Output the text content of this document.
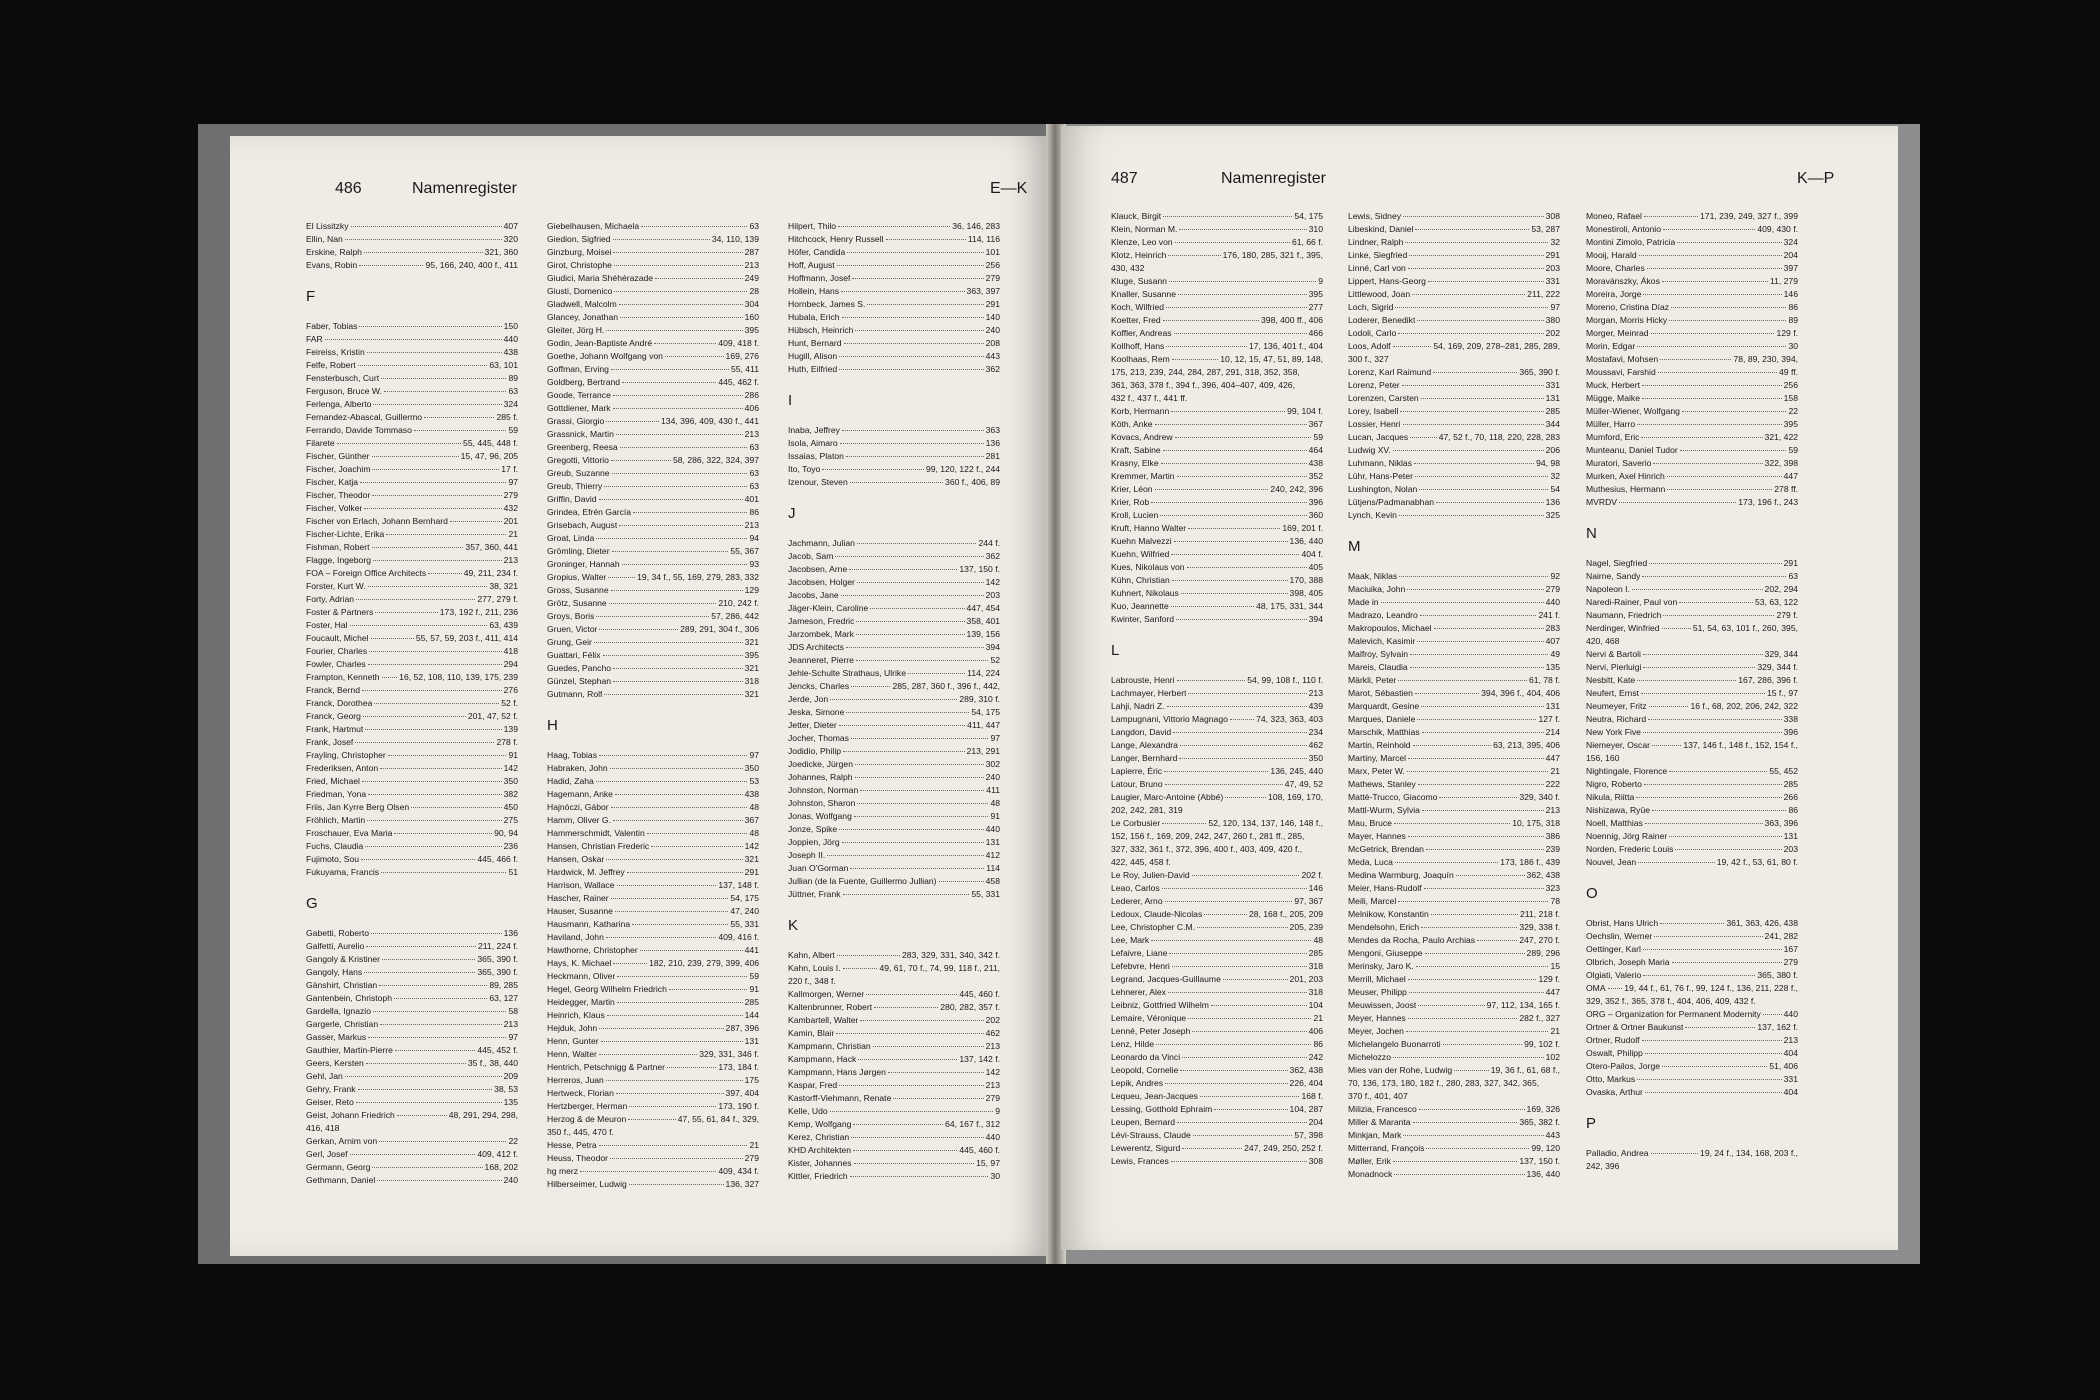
486	Namenregister	E—K
El Lissitzky	407
Ellin, Nan	320
Erskine, Ralph	321, 360
Evans, Robin	95, 166, 240, 400 f., 411
F
Faber, Tobias	150
FAR	440
Feireiss, Kristin	438
Felfe, Robert	63, 101
Fensterbusch, Curt	89
Ferguson, Bruce W.	63
Ferlenga, Alberto	324
Fernandez-Abascal, Guillermo	285 f.
Ferrando, Davide Tommaso	59
Filarete	55, 445, 448 f.
Fischer, Günther	15, 47, 96, 205
Fischer, Joachim	17 f.
Fischer, Katja	97
Fischer, Theodor	279
Fischer, Volker	432
Fischer von Erlach, Johann Bernhard	201
Fischer-Lichte, Erika	21
Fishman, Robert	357, 360, 441
Flagge, Ingeborg	213
FOA – Foreign Office Architects	49, 211, 234 f.
Forster, Kurt W.	38, 321
Forty, Adrian	277, 279 f.
Foster & Partners	173, 192 f., 211, 236
Foster, Hal	63, 439
Foucault, Michel	55, 57, 59, 203 f., 411, 414
Fourier, Charles	418
Fowler, Charles	294
Frampton, Kenneth 16, 52, 108, 110, 139, 175, 239
Franck, Bernd	276
Franck, Dorothea	52 f.
Franck, Georg	201, 47, 52 f.
Frank, Hartmut	139
Frank, Josef	278 f.
Frayling, Christopher	91
Frederiksen, Anton	142
Fried, Michael	350
Friedman, Yona	382
Friis, Jan Kyrre Berg Olsen	450
Fröhlich, Martin	275
Froschauer, Eva Maria	90, 94
Fuchs, Claudia	236
Fujimoto, Sou	445, 466 f.
Fukuyama, Francis	51
G
Gabetti, Roberto	136
Galfetti, Aurelio	211, 224 f.
Gangoly & Kristiner	365, 390 f.
Gangoly, Hans	365, 390 f.
Gänshirt, Christian	89, 285
Gantenbein, Christoph	63, 127
Gardella, Ignazio	58
Gargerle, Christian	213
Gasser, Markus	97
Gauthier, Martin-Pierre	445, 452 f.
Geers, Kersten	35 f., 38, 440
Gehl, Jan	209
Gehry, Frank	38, 53
Geiser, Reto	135
Geist, Johann Friedrich	48, 291, 294, 298,
416, 418
Gerkan, Arnim von	22
Gerl, Josef	409, 412 f.
Germann, Georg	168, 202
Gethmann, Daniel	240
Giebelhausen, Michaela	63
Giedion, Sigfried	34, 110, 139
Ginzburg, Moisei	287
Girot, Christophe	213
Giudici, Maria Shéhérazade	249
Giusti, Domenico	28
Gladwell, Malcolm	304
Glancey, Jonathan	160
Gleiter, Jörg H.	395
Godin, Jean-Baptiste André	409, 418 f.
Goethe, Johann Wolfgang von	169, 276
Goffman, Erving	55, 411
Goldberg, Bertrand	445, 462 f.
Goode, Terrance	286
Gottdiener, Mark	406
Grassi, Giorgio	134, 396, 409, 430 f., 441
Grassnick, Martin	213
Greenberg, Reesa	63
Gregotti, Vittorio	58, 286, 322, 324, 397
Greub, Suzanne	63
Greub, Thierry	63
Griffin, David	401
Grindea, Efrén García	86
Grisebach, August	213
Groat, Linda	94
Grömling, Dieter	55, 367
Groninger, Hannah	93
Gropius, Walter	19, 34 f., 55, 169, 279, 283, 332
Gross, Susanne	129
Grötz, Susanne	210, 242 f.
Groys, Boris	57, 286, 442
Gruen, Victor	289, 291, 304 f., 306
Grung, Geir	321
Guattari, Félix	395
Guedes, Pancho	321
Günzel, Stephan	318
Gutmann, Rolf	321
H
Haag, Tobias	97
Habraken, John	350
Hadid, Zaha	53
Hagemann, Anke	438
Hajnóczi, Gábor	48
Hamm, Oliver G.	367
Hammerschmidt, Valentin	48
Hansen, Christian Frederic	142
Hansen, Oskar	321
Hardwick, M. Jeffrey	291
Harrison, Wallace	137, 148 f.
Hascher, Rainer	54, 175
Hauser, Susanne	47, 240
Hausmann, Katharina	55, 331
Haviland, John	409, 416 f.
Hawthorne, Christopher	441
Hays, K. Michael	182, 210, 239, 279, 399, 406
Heckmann, Oliver	59
Hegel, Georg Wilhelm Friedrich	91
Heidegger, Martin	285
Heinrich, Klaus	144
Hejduk, John	287, 396
Henn, Gunter	131
Henn, Walter	329, 331, 346 f.
Hentrich, Petschnigg & Partner	173, 184 f.
Herreros, Juan	175
Hertweck, Florian	397, 404
Hertzberger, Herman	173, 190 f.
Herzog & de Meuron	47, 55, 61, 84 f., 329,
350 f., 445, 470 f.
Hesse, Petra	21
Heuss, Theodor	279
hg merz	409, 434 f.
Hilberseimer, Ludwig	136, 327
Hilpert, Thilo	36, 146, 283
Hitchcock, Henry Russell	114, 116
Höfer, Candida	101
Hoff, August	256
Hoffmann, Josef	279
Hollein, Hans	363, 397
Hornbeck, James S.	291
Hubala, Erich	140
Hübsch, Heinrich	240
Hunt, Bernard	208
Hugill, Alison	443
Huth, Eilfried	362
I
Inaba, Jeffrey	363
Isola, Aimaro	136
Issaias, Platon	281
Ito, Toyo	99, 120, 122 f., 244
Izenour, Steven	360 f., 406, 89
J
Jachmann, Julian	244 f.
Jacob, Sam	362
Jacobsen, Arne	137, 150 f.
Jacobsen, Holger	142
Jacobs, Jane	203
Jäger-Klein, Caroline	447, 454
Jameson, Fredric	358, 401
Jarzombek, Mark	139, 156
JDS Architects	394
Jeanneret, Pierre	52
Jehle-Schulte Strathaus, Ulrike	114, 224
Jencks, Charles	285, 287, 360 f., 396 f., 442,
Jerde, Jon	289, 310 f.
Jeska, Simone	54, 175
Jetter, Dieter	411, 447
Jocher, Thomas	97
Jodidio, Philip	213, 291
Joedicke, Jürgen	302
Johannes, Ralph	240
Johnston, Norman	411
Johnston, Sharon	48
Jonas, Wolfgang	91
Jonze, Spike	440
Joppien, Jörg	131
Joseph II.	412
Juan O'Gorman	114
Jullian (de la Fuente, Guillermo Jullian)	458
Jüttner, Frank	55, 331
K
Kahn, Albert	283, 329, 331, 340, 342 f.
Kahn, Louis I.	49, 61, 70 f., 74, 99, 118 f., 211,
220 f., 348 f.
Kallmorgen, Werner	445, 460 f.
Kaltenbrunner, Robert	280, 282, 357 f.
Kambartell, Walter	202
Kamin, Blair	462
Kampmann, Christian	213
Kampmann, Hack	137, 142 f.
Kampmann, Hans Jørgen	142
Kaspar, Fred	213
Kastorff-Viehmann, Renate	279
Kelle, Udo	9
Kemp, Wolfgang	64, 167 f., 312
Kerez, Christian	440
KHD Architekten	445, 460 f.
Kister, Johannes	15, 97
Kittler, Friedrich	30
487	Namenregister	K—P
Klauck, Birgit	54, 175
Klein, Norman M.	310
Klenze, Leo von	61, 66 f.
Klotz, Heinrich	176, 180, 285, 321 f., 395,
430, 432
Kluge, Susann	9
Knaller, Susanne	395
Koch, Wilfried	277
Koetter, Fred	398, 400 ff., 406
Koffler, Andreas	466
Kollhoff, Hans	17, 136, 401 f., 404
Koolhaas, Rem	10, 12, 15, 47, 51, 89, 148,
175, 213, 239, 244, 284, 287, 291, 318, 352, 358,
361, 363, 378 f., 394 f., 396, 404–407, 409, 426,
432 f., 437 f., 441 ff.
Korb, Hermann	99, 104 f.
Köth, Anke	367
Kovacs, Andrew	59
Kraft, Sabine	464
Krasny, Elke	438
Kremmer, Martin	352
Krier, Léon	240, 242, 396
Krier, Rob	396
Kroll, Lucien	360
Kruft, Hanno Walter	169, 201 f.
Kuehn Malvezzi	136, 440
Kuehn, Wilfried	404 f.
Kues, Nikolaus von	405
Kühn, Christian	170, 388
Kuhnert, Nikolaus	398, 405
Kuo, Jeannette	48, 175, 331, 344
Kwinter, Sanford	394
L
Labrouste, Henri	54, 99, 108 f., 110 f.
Lachmayer, Herbert	213
Lahji, Nadri Z.	439
Lampugnani, Vittorio Magnago	74, 323, 363, 403
Langdon, David	234
Lange, Alexandra	462
Langer, Bernhard	350
Lapierre, Éric	136, 245, 440
Latour, Bruno	47, 49, 52
Laugier, Marc-Antoine (Abbé)	108, 169, 170,
202, 242, 281, 319
Le Corbusier	52, 120, 134, 137, 146, 148 f.,
152, 156 f., 169, 209, 242, 247, 260 f., 281 ff., 285,
327, 332, 361 f., 372, 396, 400 f., 403, 409, 420 f.,
422, 445, 458 f.
Le Roy, Julien-David	202 f.
Leao, Carlos	146
Lederer, Arno	97, 367
Ledoux, Claude-Nicolas	28, 168 f., 205, 209
Lee, Christopher C.M.	205, 239
Lee, Mark	48
Lefaivre, Liane	285
Lefebvre, Henri	318
Legrand, Jacques-Guillaume	201, 203
Lehnerer, Alex	318
Leibniz, Gottfried Wilhelm	104
Lemaire, Véronique	21
Lenné, Peter Joseph	406
Lenz, Hilde	86
Leonardo da Vinci	242
Leopold, Cornelie	362, 438
Lepik, Andres	226, 404
Lequeu, Jean-Jacques	168 f.
Lessing, Gotthold Ephraim	104, 287
Leupen, Bernard	204
Lévi-Strauss, Claude	57, 398
Lewerentz, Sigurd	247, 249, 250, 252 f.
Lewis, Frances	308
Lewis, Sidney	308
Libeskind, Daniel	53, 287
Lindner, Ralph	32
Linke, Siegfried	291
Linné, Carl von	203
Lippert, Hans-Georg	331
Littlewood, Joan	211, 222
Loch, Sigrid	97
Loderer, Benedikt	380
Lodoli, Carlo	202
Loos, Adolf	54, 169, 209, 278–281, 285, 289,
300 f., 327
Lorenz, Karl Raimund	365, 390 f.
Lorenz, Peter	331
Lorenzen, Carsten	131
Lorey, Isabell	285
Lossier, Henri	344
Lucan, Jacques	47, 52 f., 70, 118, 220, 228, 283
Ludwig XV.	206
Luhmann, Niklas	94, 98
Lühr, Hans-Peter	32
Lushington, Nolan	54
Lütjens/Padmanabhan	136
Lynch, Kevin	325
M
Maak, Niklas	92
Maciuika, John	279
Made in	440
Madrazo, Leandro	241 f.
Makropoulos, Michael	283
Malevich, Kasimir	407
Malfroy, Sylvain	49
Mareis, Claudia	135
Märkli, Peter	61, 78 f.
Marot, Sébastien	394, 396 f., 404, 406
Marquardt, Gesine	131
Marques, Daniele	127 f.
Marschik, Matthias	214
Martin, Reinhold	63, 213, 395, 406
Martiny, Marcel	447
Marx, Peter W.	21
Mathews, Stanley	222
Mattè-Trucco, Giacomo	329, 340 f.
Mattl-Wurm, Sylvia	213
Mau, Bruce	10, 175, 318
Mayer, Hannes	386
McGetrick, Brendan	239
Meda, Luca	173, 186 f., 439
Medina Warmburg, Joaquín	362, 438
Meier, Hans-Rudolf	323
Meili, Marcel	78
Melnikow, Konstantin	211, 218 f.
Mendelsohn, Erich	329, 338 f.
Mendes da Rocha, Paulo Archias	247, 270 f.
Mengoni, Giuseppe	289, 296
Merinsky, Jaro K.	15
Merrill, Michael	129 f.
Meuser, Philipp	447
Meuwissen, Joost	97, 112, 134, 165 f.
Meyer, Hannes	282 f., 327
Meyer, Jochen	21
Michelangelo Buonarroti	99, 102 f.
Michelozzo	102
Mies van der Rohe, Ludwig	19, 36 f., 61, 68 f.,
70, 136, 173, 180, 182 f., 280, 283, 327, 342, 365,
370 f., 401, 407
Milizia, Francesco	169, 326
Miller & Maranta	365, 382 f.
Minkjan, Mark	443
Mitterrand, François	99, 120
Møller, Erik	137, 150 f.
Monadnock	136, 440
Moneo, Rafael	171, 239, 249, 327 f., 399
Monestiroli, Antonio	409, 430 f.
Montini Zimolo, Patricia	324
Mooij, Harald	204
Moore, Charles	397
Moravánszky, Ákos	11, 279
Moreira, Jorge	146
Moreno, Cristina Díaz	86
Morgan, Morris Hicky	89
Morger, Meinrad	129 f.
Morin, Edgar	30
Mostafavi, Mohsen	78, 89, 230, 394,
Moussavi, Farshid	49 ff.
Muck, Herbert	256
Mügge, Maike	158
Müller-Wiener, Wolfgang	22
Müller, Harro	395
Mumford, Eric	321, 422
Munteanu, Daniel Tudor	59
Muratori, Saverio	322, 398
Murken, Axel Hinrich	447
Muthesius, Hermann	278 ff.
MVRDV	173, 196 f., 243
N
Nagel, Siegfried	291
Nairne, Sandy	63
Napoleon I.	202, 294
Naredi-Rainer, Paul von	53, 63, 122
Naumann, Friedrich	279 f.
Nerdinger, Winfried	51, 54, 63, 101 f., 260, 395,
420, 468
Nervi & Bartoli	329, 344
Nervi, Pierluigi	329, 344 f.
Nesbitt, Kate	167, 286, 396 f.
Neufert, Ernst	15 f., 97
Neumeyer, Fritz	16 f., 68, 202, 206, 242, 322
Neutra, Richard	338
New York Five	396
Niemeyer, Oscar	137, 146 f., 148 f., 152, 154 f.,
156, 160
Nightingale, Florence	55, 452
Nigro, Roberto	285
Nikula, Riitta	266
Nishizawa, Ryūe	86
Noell, Matthias	363, 396
Noennig, Jörg Rainer	131
Norden, Frederic Louis	203
Nouvel, Jean	19, 42 f., 53, 61, 80 f.
O
Obrist, Hans Ulrich	361, 363, 426, 438
Oechslin, Werner	241, 282
Oettinger, Karl	167
Olbrich, Joseph Maria	279
Olgiati, Valerio	365, 380 f.
OMA 19, 44 f., 61, 76 f., 99, 124 f., 136, 211, 228 f.,
329, 352 f., 365, 378 f., 404, 406, 409, 432 f.
ORG – Organization for Permanent Modernity	440
Ortner & Ortner Baukunst	137, 162 f.
Ortner, Rudolf	213
Oswalt, Philipp	404
Otero-Pailos, Jorge	51, 406
Otto, Markus	331
Ovaska, Arthur	404
P
Palladio, Andrea	19, 24 f., 134, 168, 203 f.,
242, 396
